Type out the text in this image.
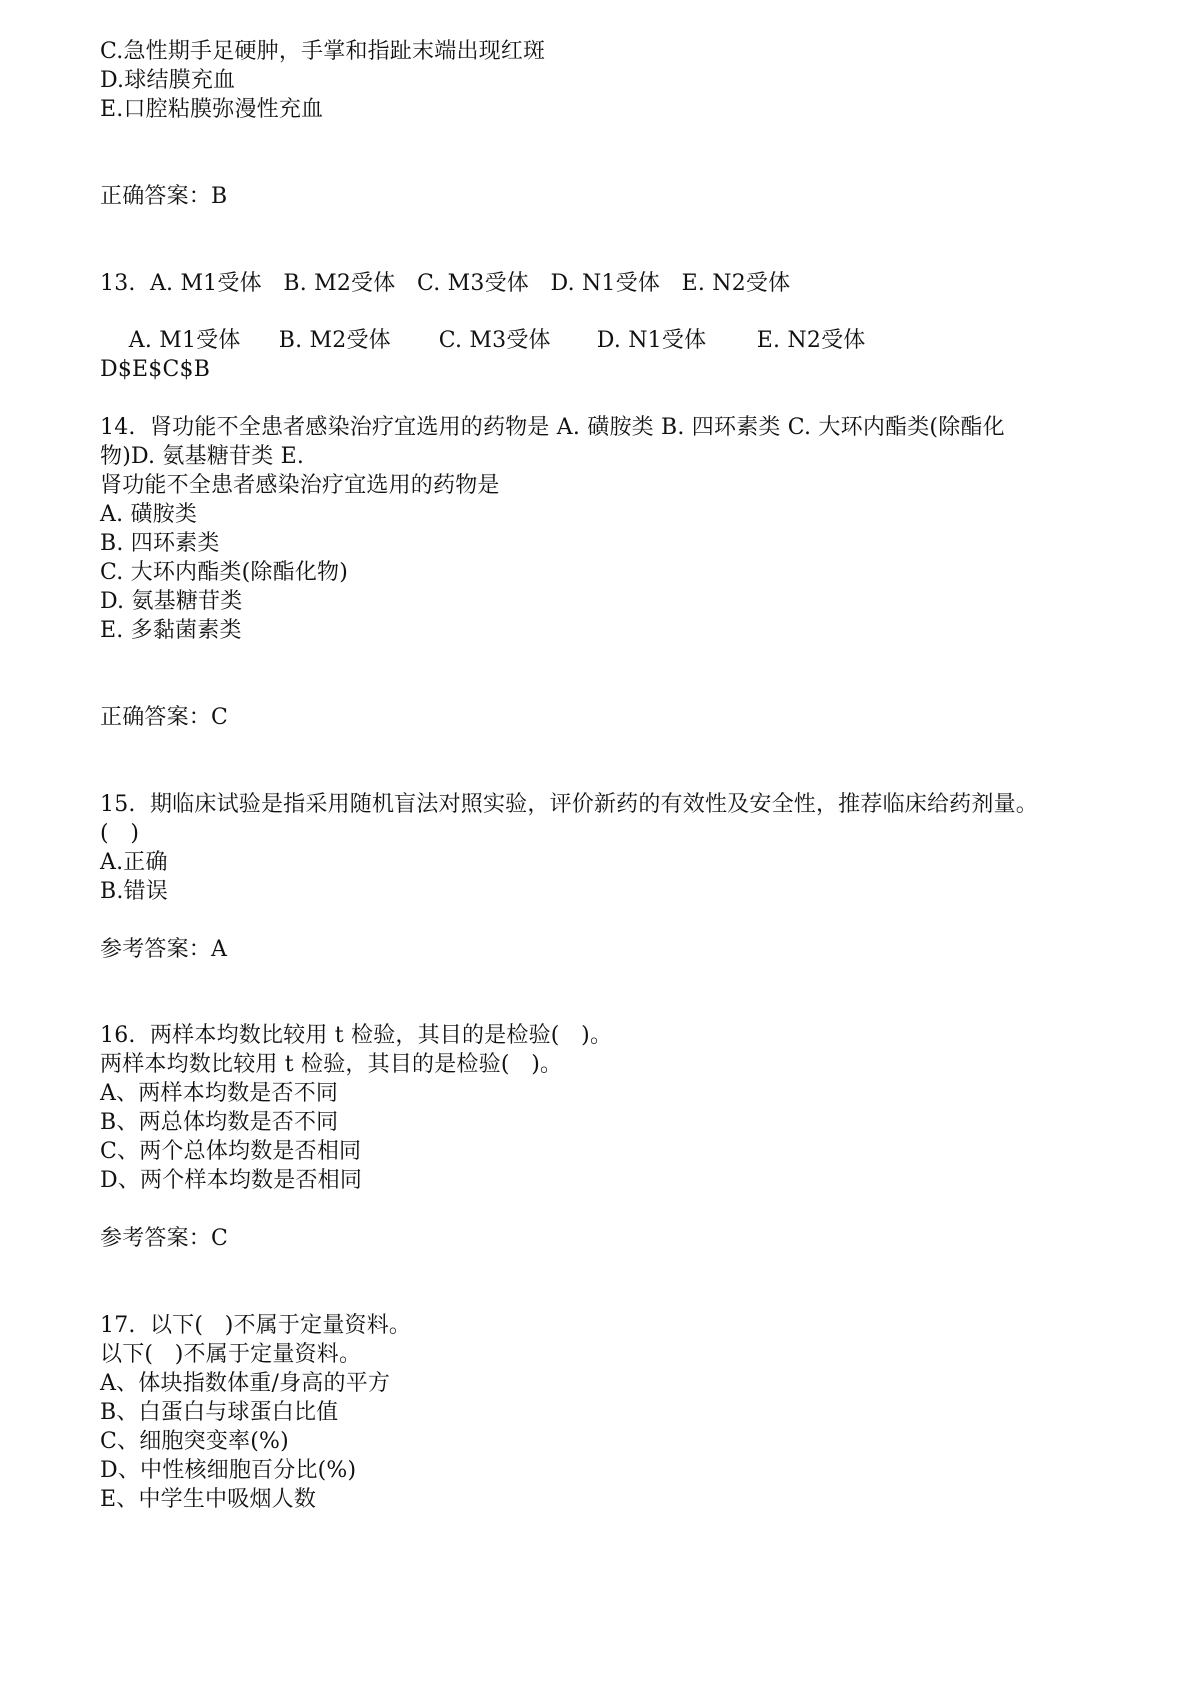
C.急性期手足硬肿，手掌和指趾末端出现红斑
D.球结膜充血
E.口腔粘膜弥漫性充血
正确答案：B
13.  A. M1受体   B. M2受体   C. M3受体   D. N1受体   E. N2受体

A. M1受体 B. M2受体 C. M3受体 D. N1受体 E. N2受体

D$E$C$B
14.  肾功能不全患者感染治疗宜选用的药物是 A. 磺胺类 B. 四环素类 C. 大环内酯类(除酯化
物)D. 氨基糖苷类 E.
肾功能不全患者感染治疗宜选用的药物是
A. 磺胺类
B. 四环素类
C. 大环内酯类(除酯化物)
D. 氨基糖苷类
E. 多黏菌素类
正确答案：C
15.  期临床试验是指采用随机盲法对照实验，评价新药的有效性及安全性，推荐临床给药剂量。
(   )
A.正确
B.错误
参考答案：A
16.  两样本均数比较用 t 检验，其目的是检验(   )。
两样本均数比较用 t 检验，其目的是检验(   )。
A、两样本均数是否不同
B、两总体均数是否不同
C、两个总体均数是否相同
D、两个样本均数是否相同
参考答案：C
17.  以下(   )不属于定量资料。
以下(   )不属于定量资料。
A、体块指数体重/身高的平方
B、白蛋白与球蛋白比值
C、细胞突变率(%)
D、中性核细胞百分比(%)
E、中学生中吸烟人数
